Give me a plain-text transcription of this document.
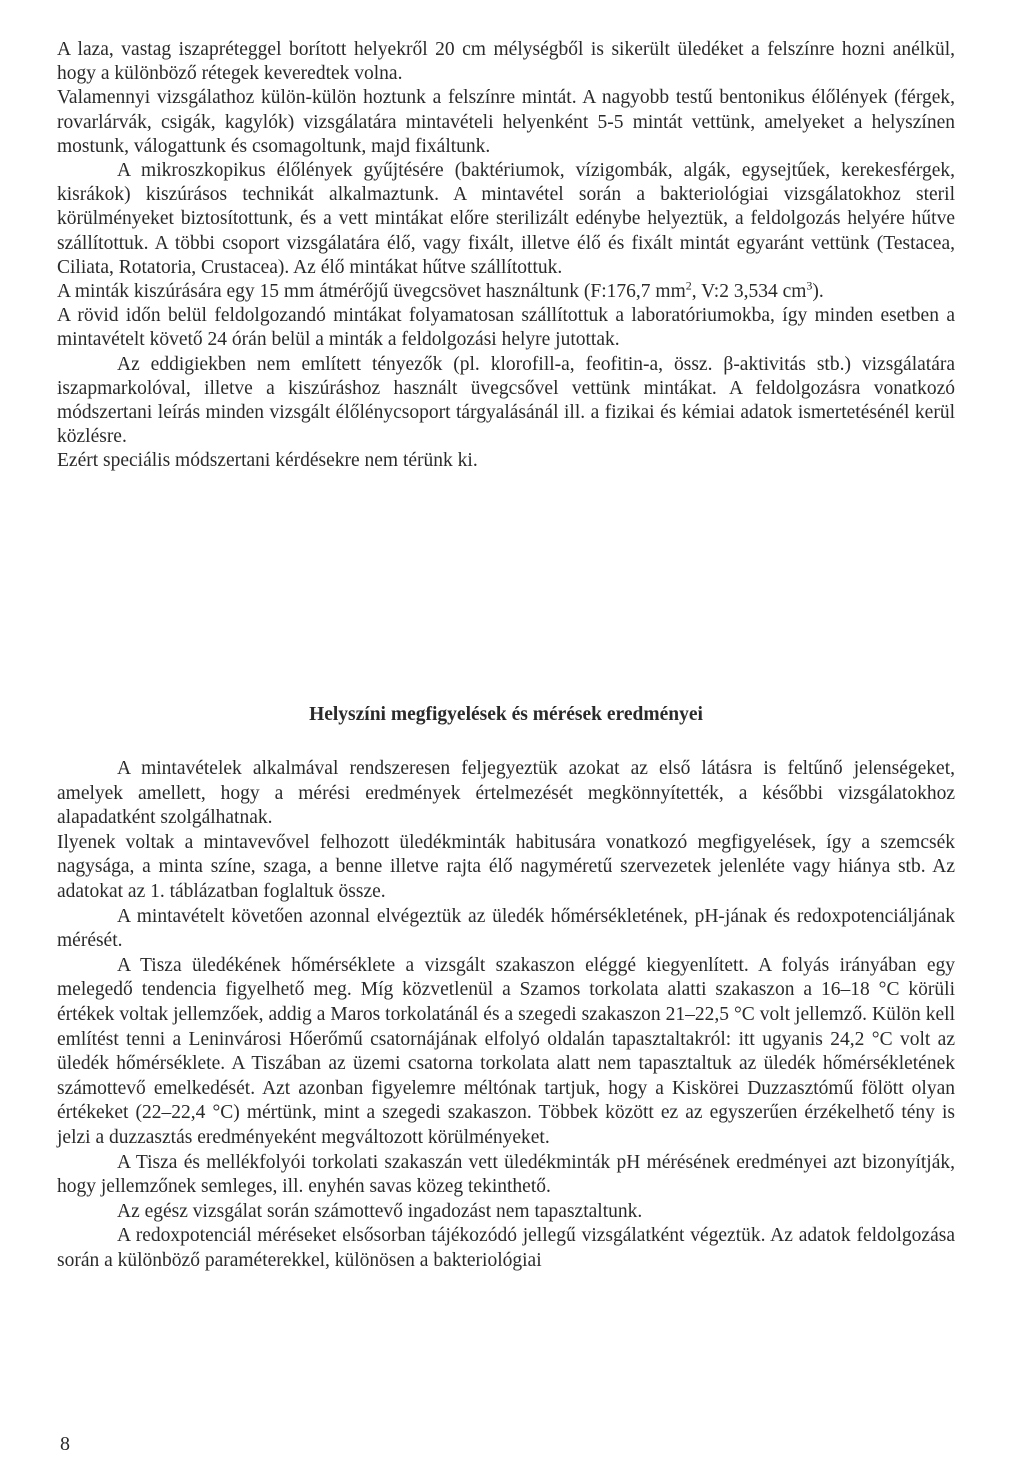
A laza, vastag iszapréteggel borított helyekről 20 cm mélységből is sikerült üledéket a felszínre hozni anélkül, hogy a különböző rétegek keveredtek volna.

Valamennyi vizsgálathoz külön-külön hoztunk a felszínre mintát. A nagyobb testű bentonikus élőlények (férgek, rovarlárvák, csigák, kagylók) vizsgálatára mintavételi helyenként 5-5 mintát vettünk, amelyeket a helyszínen mostunk, válogattunk és csomagoltunk, majd fixáltunk.

A mikroszkopikus élőlények gyűjtésére (baktériumok, vízigombák, algák, egysejtűek, kerekesférgek, kisrákok) kiszúrásos technikát alkalmaztunk. A mintavétel során a bakteriológiai vizsgálatokhoz steril körülményeket biztosítottunk, és a vett mintákat előre sterilizált edénybe helyeztük, a feldolgozás helyére hűtve szállítottuk. A többi csoport vizsgálatára élő, vagy fixált, illetve élő és fixált mintát egyaránt vettünk (Testacea, Ciliata, Rotatoria, Crustacea). Az élő mintákat hűtve szállítottuk.

A minták kiszúrására egy 15 mm átmérőjű üvegcsövet használtunk (F:176,7 $mm^2$, V:2 3,534 $cm^3$).

A rövid időn belül feldolgozandó mintákat folyamatosan szállítottuk a laboratóriumokba, így minden esetben a mintavételt követő 24 órán belül a minták a feldolgozási helyre jutottak.

Az eddigiekben nem említett tényezők (pl. klorofill-a, feofitin-a, össz. β-aktivitás stb.) vizsgálatára iszapmarkolóval, illetve a kiszúráshoz használt üvegcsővel vettünk mintákat. A feldolgozásra vonatkozó módszertani leírás minden vizsgált élőlénycsoport tárgyalásánál ill. a fizikai és kémiai adatok ismertetésénél kerül közlésre.

Ezért speciális módszertani kérdésekre nem térünk ki.

Helyszíni megfigyelések és mérések eredményei

A mintavételek alkalmával rendszeresen feljegyeztük azokat az első látásra is feltűnő jelenségeket, amelyek amellett, hogy a mérési eredmények értelmezését megkönnyítették, a későbbi vizsgálatokhoz alapadatként szolgálhatnak.

Ilyenek voltak a mintavevővel felhozott üledékminták habitusára vonatkozó megfigyelések, így a szemcsék nagysága, a minta színe, szaga, a benne illetve rajta élő nagyméretű szervezetek jelenléte vagy hiánya stb. Az adatokat az 1. táblázatban foglaltuk össze.

A mintavételt követően azonnal elvégeztük az üledék hőmérsékletének, pH-jának és redoxpotenciáljának mérését.

A Tisza üledékének hőmérséklete a vizsgált szakaszon eléggé kiegyenlített. A folyás irányában egy melegedő tendencia figyelhető meg. Míg közvetlenül a Szamos torkolata alatti szakaszon a 16–18 °C körüli értékek voltak jellemzőek, addig a Maros torkolatánál és a szegedi szakaszon 21–22,5 °C volt jellemző. Külön kell említést tenni a Leninvárosi Hőerőmű csatornájának elfolyó oldalán tapasztaltakról: itt ugyanis 24,2 °C volt az üledék hőmérséklete. A Tiszában az üzemi csatorna torkolata alatt nem tapasztaltuk az üledék hőmérsékletének számottevő emelkedését. Azt azonban figyelemre méltónak tartjuk, hogy a Kiskörei Duzzasztómű fölött olyan értékeket (22–22,4 °C) mértünk, mint a szegedi szakaszon. Többek között ez az egyszerűen érzékelhető tény is jelzi a duzzasztás eredményeként megváltozott körülményeket.

A Tisza és mellékfolyói torkolati szakaszán vett üledékminták pH mérésének eredményei azt bizonyítják, hogy jellemzőnek semleges, ill. enyhén savas közeg tekinthető.

Az egész vizsgálat során számottevő ingadozást nem tapasztaltunk.

A redoxpotenciál méréseket elsősorban tájékozódó jellegű vizsgálatként végeztük. Az adatok feldolgozása során a különböző paraméterekkel, különösen a bakteriológiai

8
